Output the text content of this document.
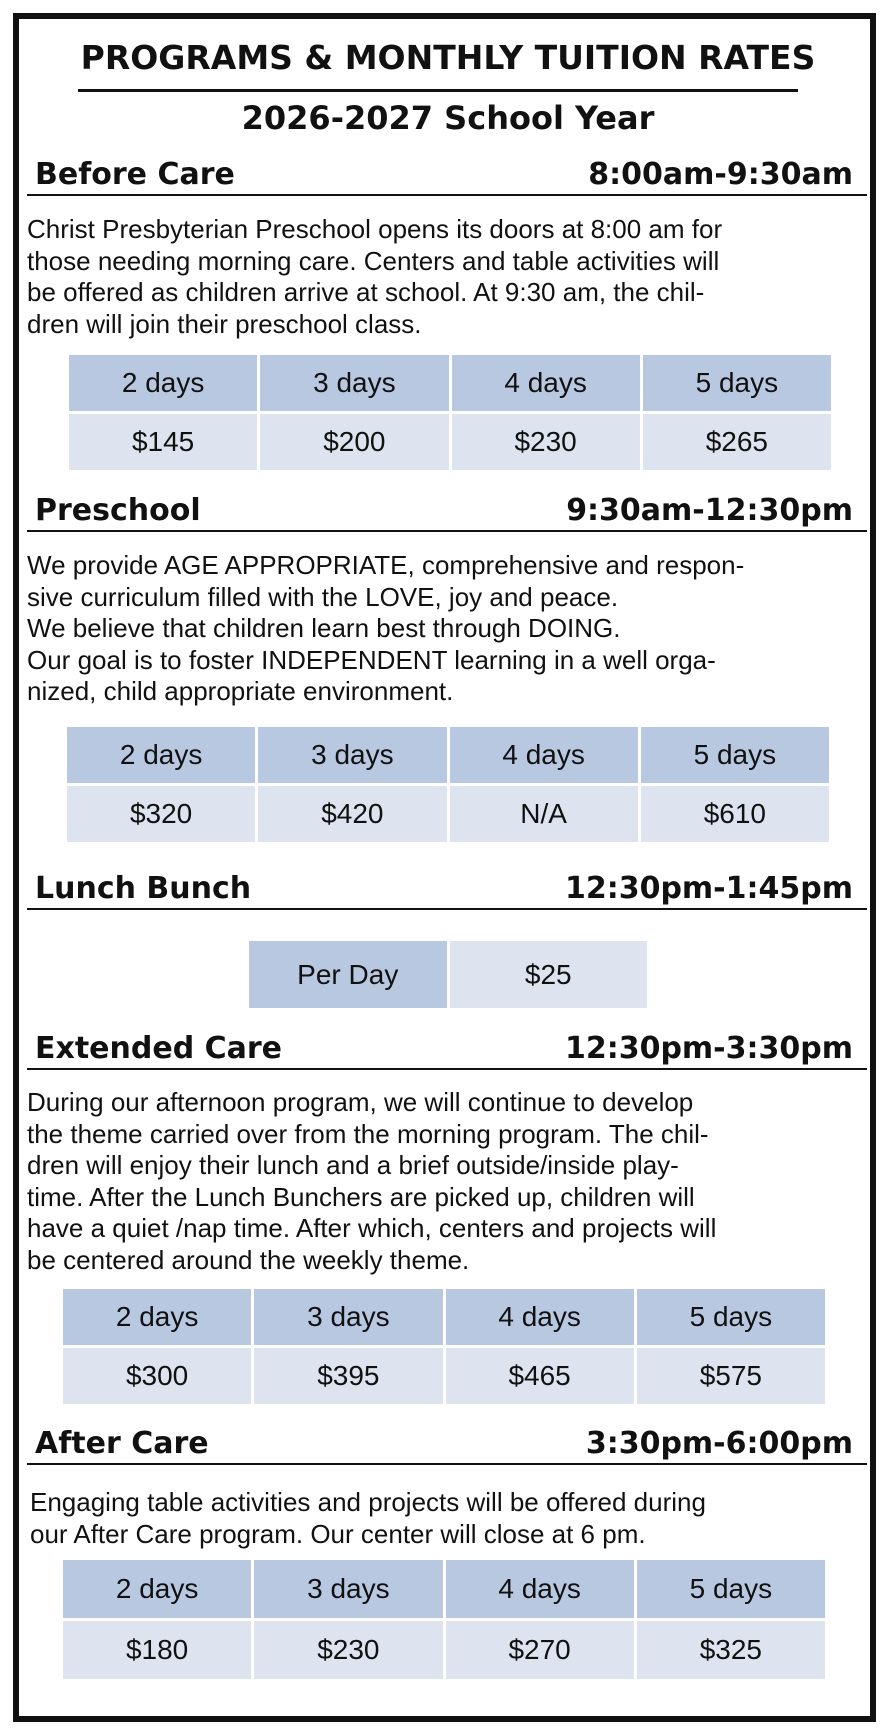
PROGRAMS & MONTHLY TUITION RATES
2026-2027 School Year
Before Care	8:00am-9:30am

Christ Presbyterian Preschool opens its doors at 8:00 am for

those needing morning care. Centers and table activities will

be offered as children arrive at school. At 9:30 am, the chil-

dren will join their preschool class.

2 days	3 days	4 days	5 days
$145	$200	$230	$265
Preschool	9:30am-12:30pm

We provide AGE APPROPRIATE, comprehensive and respon-

sive curriculum filled with the LOVE, joy and peace.

We believe that children learn best through DOING.

Our goal is to foster INDEPENDENT learning in a well orga-

nized, child appropriate environment.

2 days	3 days	4 days	5 days
$320	$420	N/A	$610
Lunch Bunch	12:30pm-1:45pm
Per Day	$25
Extended Care	12:30pm-3:30pm

During our afternoon program, we will continue to develop

the theme carried over from the morning program. The chil-

dren will enjoy their lunch and a brief outside/inside play-

time. After the Lunch Bunchers are picked up, children will

have a quiet /nap time. After which, centers and projects will

be centered around the weekly theme.

2 days	3 days	4 days	5 days
$300	$395	$465	$575
After Care	3:30pm-6:00pm

Engaging table activities and projects will be offered during

our After Care program. Our center will close at 6 pm.

2 days	3 days	4 days	5 days
$180	$230	$270	$325
